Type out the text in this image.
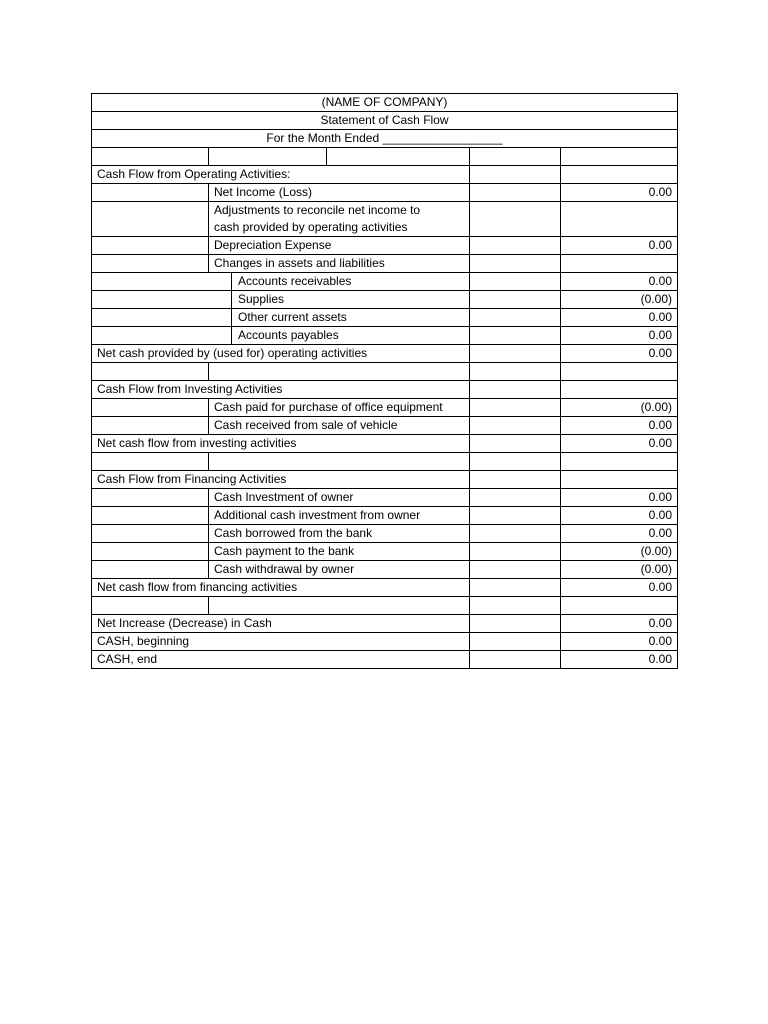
(NAME OF COMPANY)
Statement of Cash Flow
For the Month Ended __________________
Cash Flow from Operating Activities:
Net Income (Loss)	0.00
Adjustments to reconcile net income to
cash provided by operating activities
Depreciation Expense	0.00
Changes in assets and liabilities
Accounts receivables	0.00
Supplies	(0.00)
Other current assets	0.00
Accounts payables	0.00
Net cash provided by (used for) operating activities	0.00
Cash Flow from Investing Activities
Cash paid for purchase of office equipment	(0.00)
Cash received from sale of vehicle	0.00
Net cash flow from investing activities	0.00
Cash Flow from Financing Activities
Cash Investment of owner	0.00
Additional cash investment from owner	0.00
Cash borrowed from the bank	0.00
Cash payment to the bank	(0.00)
Cash withdrawal by owner	(0.00)
Net cash flow from financing activities	0.00
Net Increase (Decrease) in Cash	0.00
CASH, beginning	0.00
CASH, end	0.00
